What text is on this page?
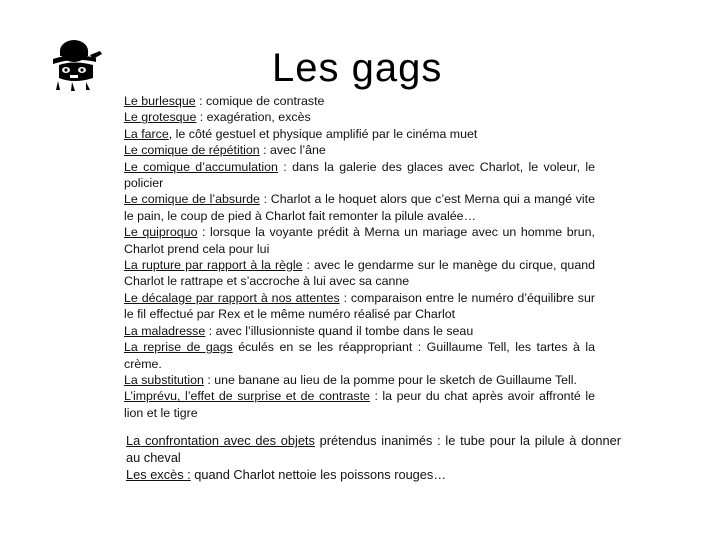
Les gags

Le burlesque : comique de contraste

Le grotesque : exagération, excès

La farce, le côté gestuel et physique amplifié par le cinéma muet

Le comique de répétition : avec l’âne

Le comique d’accumulation : dans la galerie des glaces avec Charlot, le voleur, le policier

Le comique de l’absurde : Charlot a le hoquet alors que c’est Merna qui a mangé vite le pain, le coup de pied à Charlot fait remonter la pilule avalée…

Le quiproquo : lorsque la voyante prédit à Merna un mariage avec un homme brun, Charlot prend cela pour lui

La rupture par rapport à la règle : avec le gendarme sur le manège du cirque, quand Charlot le rattrape et s’accroche à lui avec sa canne

Le décalage par rapport à nos attentes : comparaison entre le numéro d’équilibre sur le fil effectué par Rex et le même numéro réalisé par Charlot

La maladresse : avec l’illusionniste quand il tombe dans le seau

La reprise de gags éculés en se les réappropriant : Guillaume Tell, les tartes à la crème.

La substitution : une banane au lieu de la pomme pour le sketch de Guillaume Tell.

L’imprévu, l’effet de surprise et de contraste : la peur du chat après avoir affronté le lion et le tigre

La confrontation avec des objets prétendus inanimés : le tube pour la pilule à donner au cheval

Les excès : quand Charlot nettoie les poissons rouges…
